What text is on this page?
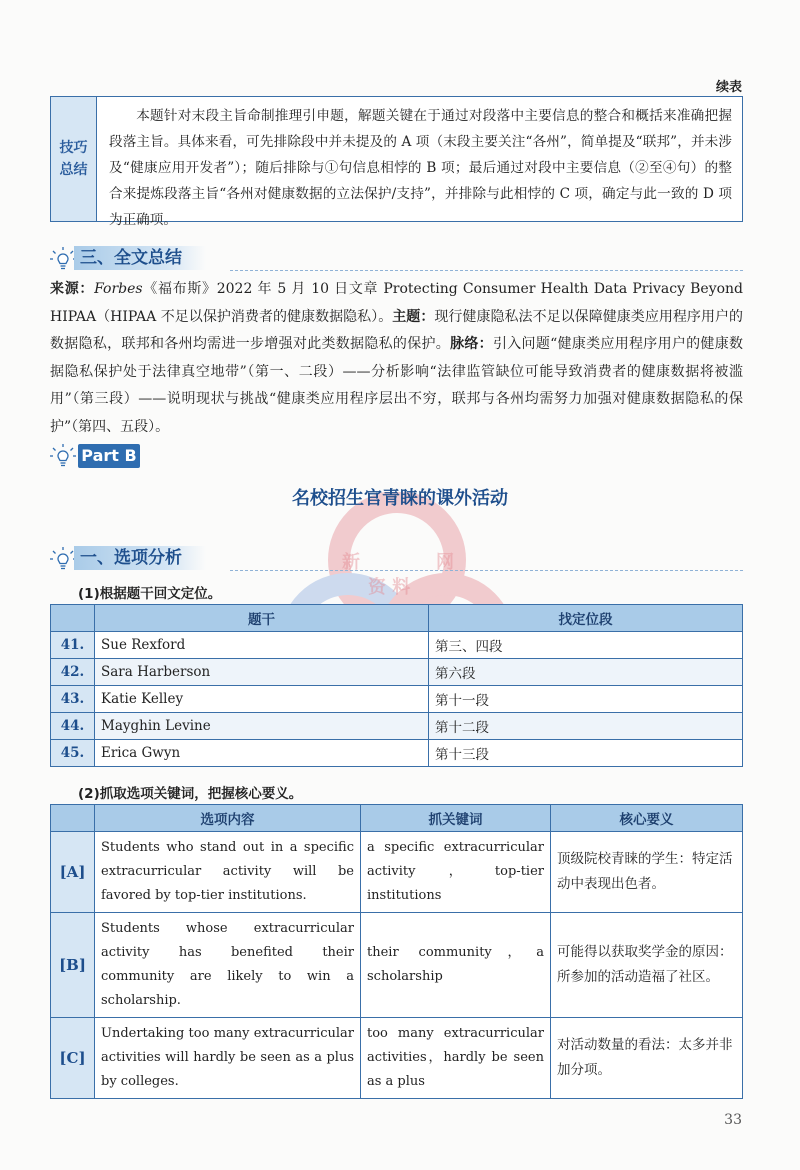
新	网
资 料
续表
技巧
总结
本题针对末段主旨命制推理引申题，解题关键在于通过对段落中主要信息的整合和概括来准确把握段落主旨。具体来看，可先排除段中并未提及的 A 项（末段主要关注“各州”，简单提及“联邦”，并未涉及“健康应用开发者”）；随后排除与①句信息相悖的 B 项；最后通过对段中主要信息（②至④句）的整合来提炼段落主旨“各州对健康数据的立法保护/支持”，并排除与此相悖的 C 项，确定与此一致的 D 项为正确项。
三、全文总结
来源：Forbes《福布斯》2022 年 5 月 10 日文章 Protecting Consumer Health Data Privacy Beyond HIPAA（HIPAA 不足以保护消费者的健康数据隐私）。主题：现行健康隐私法不足以保障健康类应用程序用户的数据隐私，联邦和各州均需进一步增强对此类数据隐私的保护。脉络：引入问题“健康类应用程序用户的健康数据隐私保护处于法律真空地带”（第一、二段）——分析影响“法律监管缺位可能导致消费者的健康数据将被滥用”（第三段）——说明现状与挑战“健康类应用程序层出不穷，联邦与各州均需努力加强对健康数据隐私的保护”（第四、五段）。
Part B
名校招生官青睐的课外活动
一、选项分析
(1)根据题干回文定位。
	题干	找定位段
41.	Sue Rexford	第三、四段
42.	Sara Harberson	第六段
43.	Katie Kelley	第十一段
44.	Mayghin Levine	第十二段
45.	Erica Gwyn	第十三段
(2)抓取选项关键词，把握核心要义。
	选项内容	抓关键词	核心要义
[A]	Students who stand out in a specific extracurricular activity will be favored by top-tier institutions.	a specific extracurricular activity，top-tier institutions	顶级院校青睐的学生：特定活动中表现出色者。
[B]	Students whose extracurricular activity has benefited their community are likely to win a scholarship.	their community，a scholarship	可能得以获取奖学金的原因：所参加的活动造福了社区。
[C]	Undertaking too many extracurricular activities will hardly be seen as a plus by colleges.	too many extracurricular activities，hardly be seen as a plus	对活动数量的看法：太多并非加分项。
33
